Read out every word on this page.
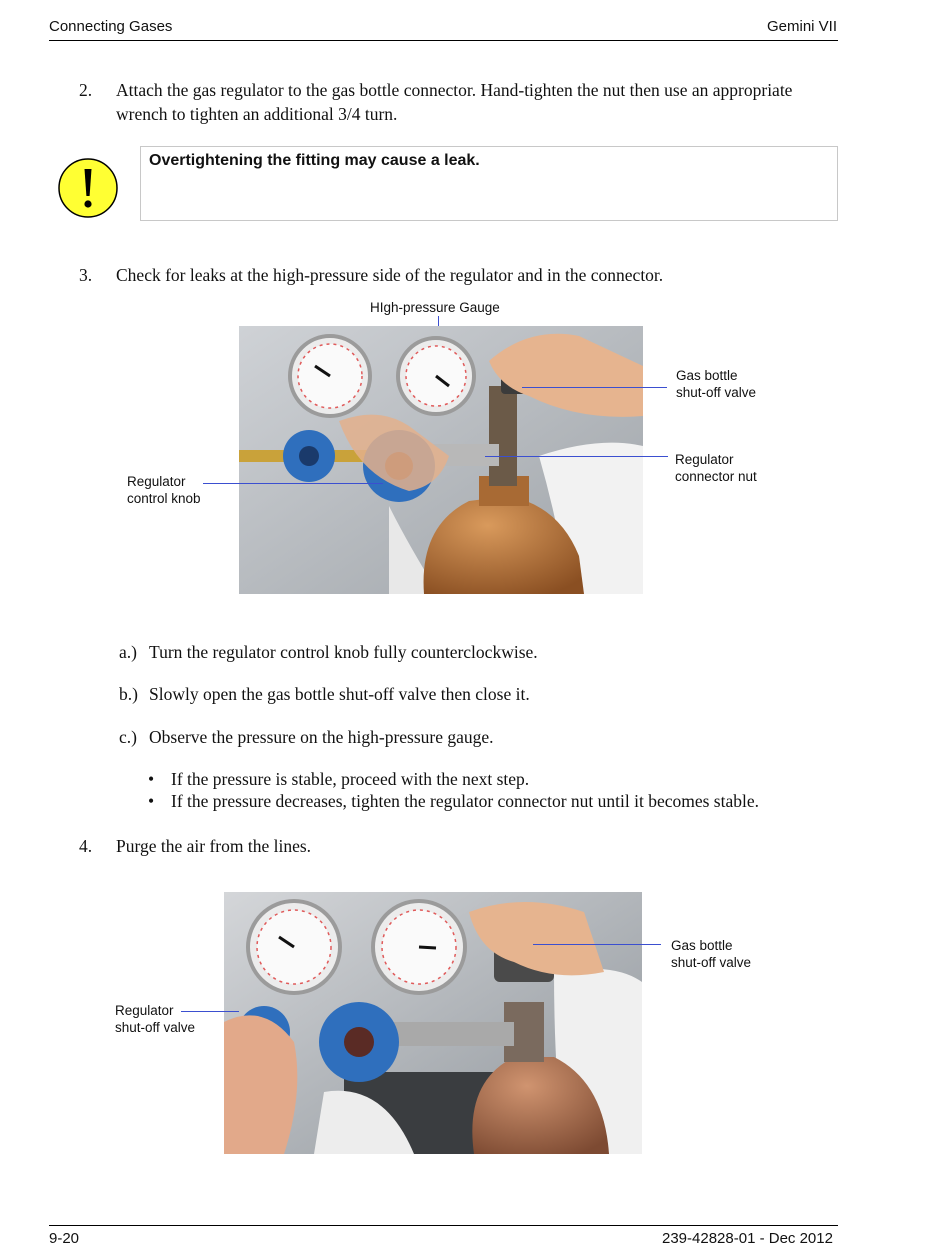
Connecting Gases	Gemini VII
2. Attach the gas regulator to the gas bottle connector. Hand-tighten the nut then use an appropriate
wrench to tighten an additional 3/4 turn.
Overtightening the fitting may cause a leak.
3. Check for leaks at the high-pressure side of the regulator and in the connector.
HIgh-pressure Gauge
Gas bottle
shut-off valve
Regulator
connector nut
Regulator
control knob
a.) Turn the regulator control knob fully counterclockwise.
b.) Slowly open the gas bottle shut-off valve then close it.
c.) Observe the pressure on the high-pressure gauge.
• If the pressure is stable, proceed with the next step.
• If the pressure decreases, tighten the regulator connector nut until it becomes stable.
4. Purge the air from the lines.
Gas bottle
shut-off valve
Regulator
shut-off valve
9-20	239-42828-01 - Dec 2012
